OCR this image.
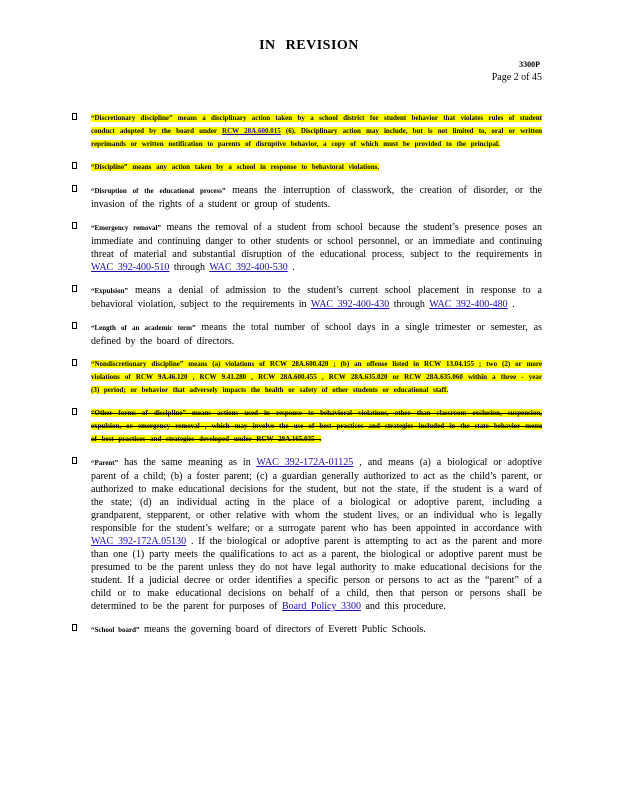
IN REVISION
3300P
Page 2 of 45
“Discretionary discipline” means a disciplinary action taken by a school district for student behavior that violates rules of student conduct adopted by the board under RCW 28A.600.015 (6). Disciplinary action may include, but is not limited to, oral or written reprimands or written notification to parents of disruptive behavior, a copy of which must be provided to the principal.
“Discipline” means any action taken by a school in response to behavioral violations.
“Disruption of the educational process” means the interruption of classwork, the creation of disorder, or the invasion of the rights of a student or group of students.
“Emergency removal” means the removal of a student from school because the student’s presence poses an immediate and continuing danger to other students or school personnel, or an immediate and continuing threat of material and substantial disruption of the educational process, subject to the requirements in WAC 392-400-510 through WAC 392-400-530 .
“Expulsion” means a denial of admission to the student’s current school placement in response to a behavioral violation, subject to the requirements in WAC 392-400-430 through WAC 392-400-480 .
“Length of an academic term” means the total number of school days in a single trimester or semester, as defined by the board of directors.
“Nondiscretionary discipline” means (a) violations of RCW 28A.600.420 ; (b) an offense listed in RCW 13.04.155 ; two (2) or more violations of RCW 9A.46.120 , RCW 9.41.280 , RCW 28A.600.455 , RCW 28A.635.020 or RCW 28A.635.060 within a three - year (3) period; or behavior that adversely impacts the health or safety of other students or educational staff.
“Other forms of discipline” means actions used in response to behavioral violations, other than classroom exclusion, suspension, expulsion, or emergency removal , which may involve the use of best practices and strategies included in the state behavior menu of best practices and strategies developed under RCW 28A.165.035 .
“Parent” has the same meaning as in WAC 392-172A-01125 , and means (a) a biological or adoptive parent of a child; (b) a foster parent; (c) a guardian generally authorized to act as the child’s parent, or authorized to make educational decisions for the student, but not the state, if the student is a ward of the state; (d) an individual acting in the place of a biological or adoptive parent, including a grandparent, stepparent, or other relative with whom the student lives, or an individual who is legally responsible for the student’s welfare; or a surrogate parent who has been appointed in accordance with WAC 392-172A.05130 . If the biological or adoptive parent is attempting to act as the parent and more than one (1) party meets the qualifications to act as a parent, the biological or adoptive parent must be presumed to be the parent unless they do not have legal authority to make educational decisions for the student. If a judicial decree or order identifies a specific person or persons to act as the “parent” of a child or to make educational decisions on behalf of a child, then that person or persons shall be determined to be the parent for purposes of Board Policy 3300 and this procedure.
“School board” means the governing board of directors of Everett Public Schools.
